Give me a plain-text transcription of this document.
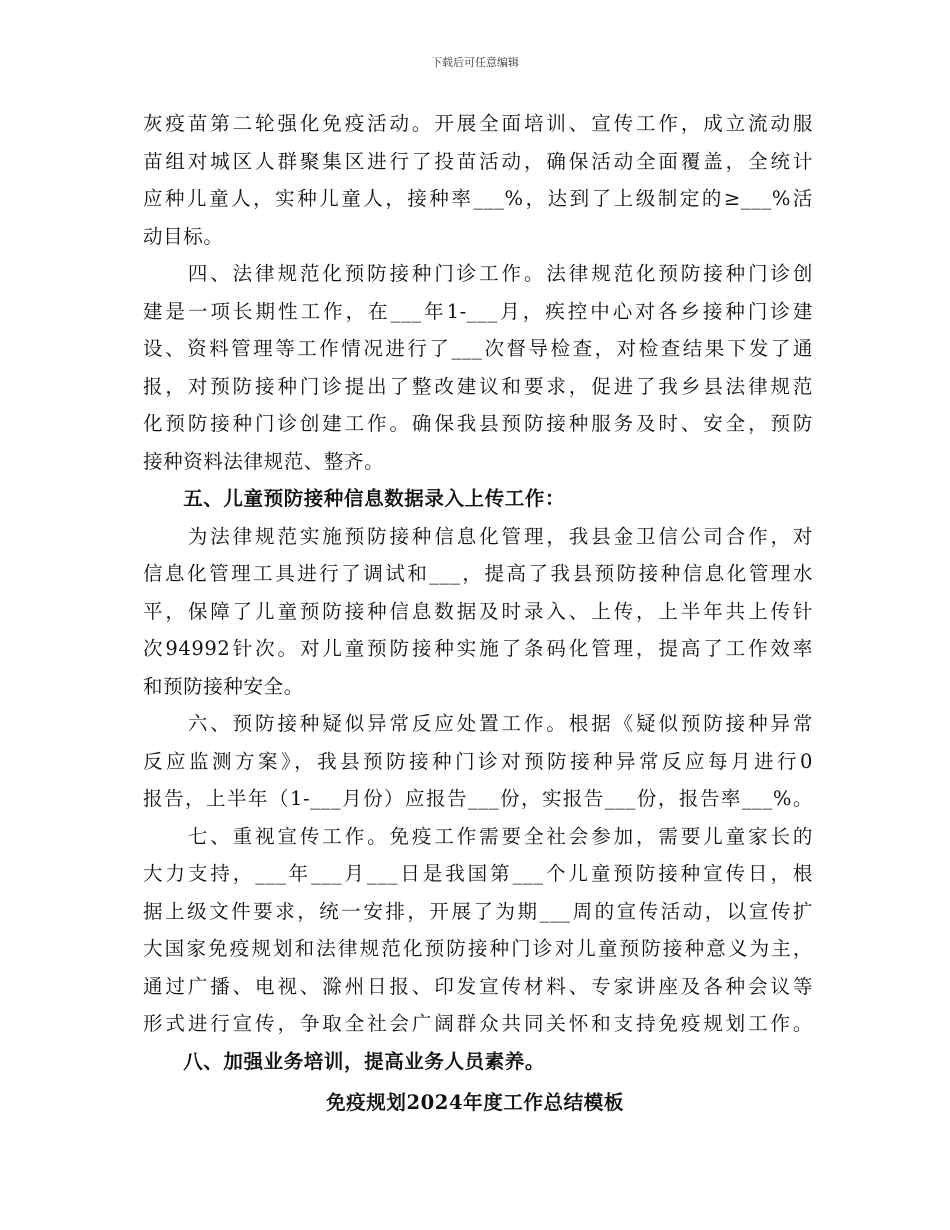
下载后可任意编辑
灰疫苗第二轮强化免疫活动。开展全面培训、宣传工作，成立流动服
苗组对城区人群聚集区进行了投苗活动，确保活动全面覆盖，全统计
应种儿童人，实种儿童人，接种率___%，达到了上级制定的≥___%活
动目标。
　　四、法律规范化预防接种门诊工作。法律规范化预防接种门诊创
建是一项长期性工作，在___年1-___月，疾控中心对各乡接种门诊建
设、资料管理等工作情况进行了___次督导检查，对检查结果下发了通
报，对预防接种门诊提出了整改建议和要求，促进了我乡县法律规范
化预防接种门诊创建工作。确保我县预防接种服务及时、安全，预防
接种资料法律规范、整齐。
　　五、儿童预防接种信息数据录入上传工作：
　　为法律规范实施预防接种信息化管理，我县金卫信公司合作，对
信息化管理工具进行了调试和___，提高了我县预防接种信息化管理水
平，保障了儿童预防接种信息数据及时录入、上传，上半年共上传针
次94992针次。对儿童预防接种实施了条码化管理，提高了工作效率
和预防接种安全。
　　六、预防接种疑似异常反应处置工作。根据《疑似预防接种异常
反应监测方案》，我县预防接种门诊对预防接种异常反应每月进行0
报告，上半年（1-___月份）应报告___份，实报告___份，报告率___%。
　　七、重视宣传工作。免疫工作需要全社会参加，需要儿童家长的
大力支持，___年___月___日是我国第___个儿童预防接种宣传日，根
据上级文件要求，统一安排，开展了为期___周的宣传活动，以宣传扩
大国家免疫规划和法律规范化预防接种门诊对儿童预防接种意义为主，
通过广播、电视、滁州日报、印发宣传材料、专家讲座及各种会议等
形式进行宣传，争取全社会广阔群众共同关怀和支持免疫规划工作。
　　八、加强业务培训，提高业务人员素养。
免疫规划2024年度工作总结模板
